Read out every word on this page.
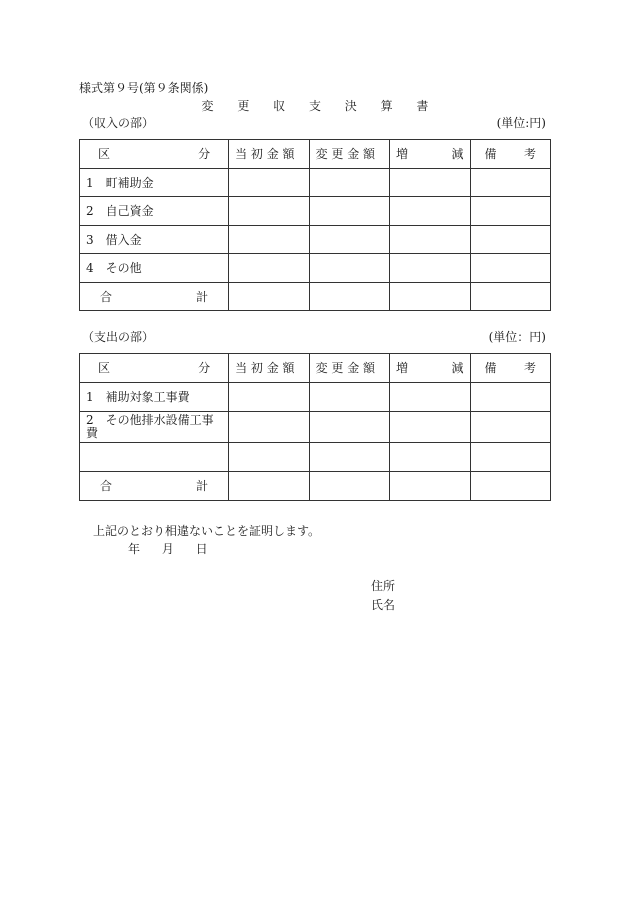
様式第９号(第９条関係)
変 更 収 支 決 算 書
（収入の部）	(単位:円)
区 分	当 初 金 額	変 更 金 額	増 減	備 考

1　町補助金				
2　自己資金				
3　借入金				
4　その他				

合 計				

（支出の部）	(単位：円)
区 分	当 初 金 額	変 更 金 額	増 減	備 考

1　補助対象工事費				
2　その他排水設備工事費				

合 計				

上記のとおり相違ないことを証明します。
年 月 日
住所
氏名
